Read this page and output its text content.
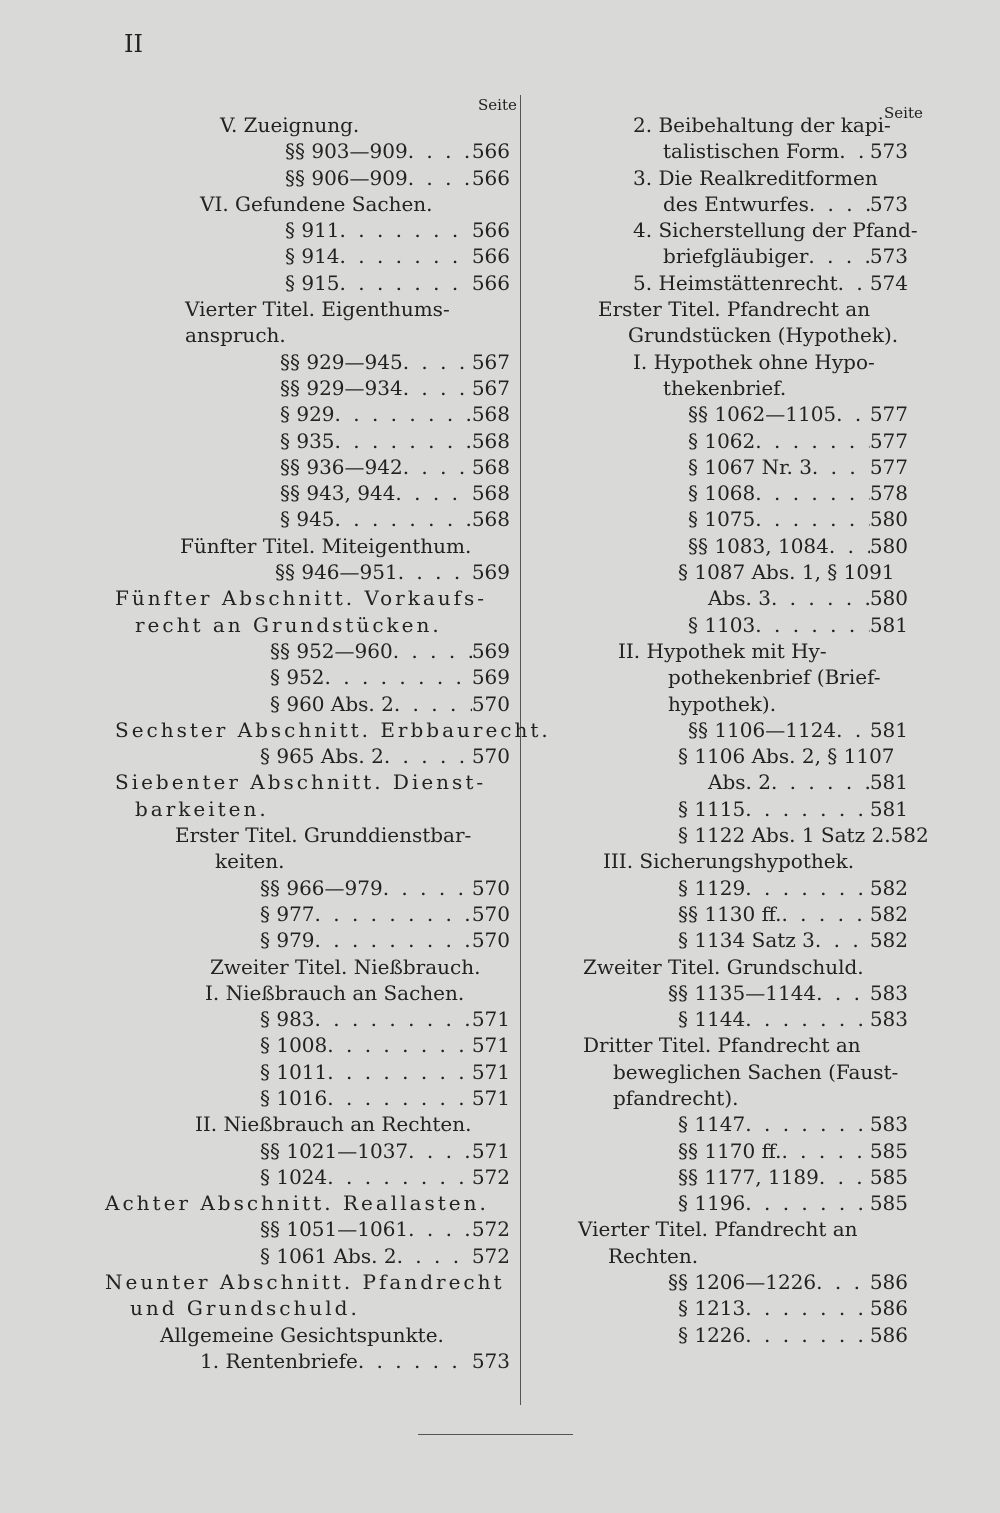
II
Seite	Seite
V. Zueignung.
§§ 903—909 . . .	566
§§ 906—909 . . .	566
VI. Gefundene Sachen.
§ 911 . . .	566
§ 914 . . .	566
§ 915 . . .	566
Vierter Titel. Eigenthums-
anspruch.
§§ 929—945 . . .	567
§§ 929—934 . . .	567
§ 929 . . .	568
§ 935 . . .	568
§§ 936—942 . . .	568
§§ 943, 944 . . .	568
§ 945 . . .	568
Fünfter Titel. Miteigenthum.
§§ 946—951 . . .	569
Fünfter Abschnitt. Vorkaufs-
recht an Grundstücken.
§§ 952—960 . . .	569
§ 952 . . .	569
§ 960 Abs. 2 . . .	570
Sechster Abschnitt. Erbbaurecht.
§ 965 Abs. 2 . . .	570
Siebenter Abschnitt. Dienst-
barkeiten.
Erster Titel. Grunddienstbar-
keiten.
§§ 966—979 . . .	570
§ 977 . . .	570
§ 979 . . .	570
Zweiter Titel. Nießbrauch.
I. Nießbrauch an Sachen.
§ 983 . . .	571
§ 1008 . . .	571
§ 1011 . . .	571
§ 1016 . . .	571
II. Nießbrauch an Rechten.
§§ 1021—1037 . . .	571
§ 1024 . . .	572
Achter Abschnitt. Reallasten.
§§ 1051—1061 . . .	572
§ 1061 Abs. 2 . . .	572
Neunter Abschnitt. Pfandrecht
und Grundschuld.
Allgemeine Gesichtspunkte.
1. Rentenbriefe . . .	573
2. Beibehaltung der kapi-
talistischen Form . . . 573
3. Die Realkreditformen
des Entwurfes . . .	573
4. Sicherstellung der Pfand-
briefgläubiger . . .	573
5. Heimstättenrecht . . . 574
Erster Titel. Pfandrecht an
Grundstücken (Hypothek).
I. Hypothek ohne Hypo-
thekenbrief.
§§ 1062—1105 . . . 577
§ 1062 . . .	577
§ 1067 Nr. 3 . . .	577
§ 1068 . . .	578
§ 1075 . . .	580
§§ 1083, 1084 . . . 580
§ 1087 Abs. 1, § 1091
Abs. 3 . . .	580
§ 1103 . . .	581
II. Hypothek mit Hy-
pothekenbrief (Brief-
hypothek).
§§ 1106—1124 . . . 581
§ 1106 Abs. 2, § 1107
Abs. 2 . . .	581
§ 1115 . . .	581
§ 1122 Abs. 1 Satz 2. 582
III. Sicherungshypothek.
§ 1129 . . .	582
§§ 1130 ff. . . .	582
§ 1134 Satz 3 . . .	582
Zweiter Titel. Grundschuld.
§§ 1135—1144 . . .	583
§ 1144 . . .	583
Dritter Titel. Pfandrecht an
beweglichen Sachen (Faust-
pfandrecht).
§ 1147 . . .	583
§§ 1170 ff. . . .	585
§§ 1177, 1189 . . .	585
§ 1196 . . .	585
Vierter Titel. Pfandrecht an
Rechten.
§§ 1206—1226 . . .	586
§ 1213 . . .	586
§ 1226 . . .	586
